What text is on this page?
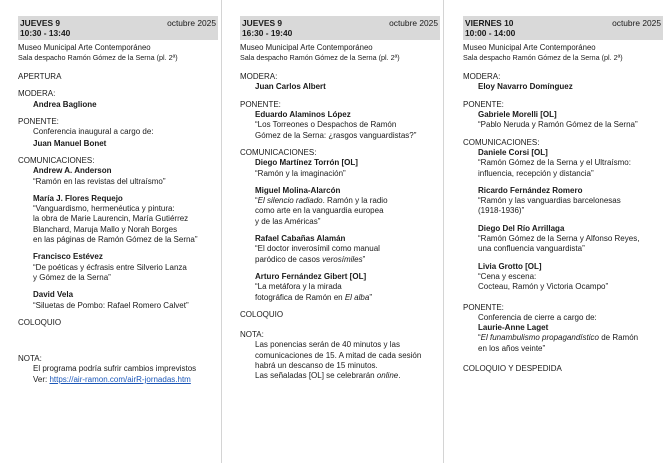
JUEVES 9	octubre 2025
10:30 - 13:40
Museo Municipal Arte Contemporáneo
Sala despacho Ramón Gómez de la Serna (pl. 2ª)
APERTURA
MODERA:
Andrea Baglione
PONENTE:
Conferencia inaugural a cargo de:
Juan Manuel Bonet
COMUNICACIONES:
Andrew A. Anderson
“Ramón en las revistas del ultraísmo”
María J. Flores Requejo
“Vanguardismo, hermenéutica y pintura:
la obra de Marie Laurencin, María Gutiérrez
Blanchard, Maruja Mallo y Norah Borges
en las páginas de Ramón Gómez de la Serna”
Francisco Estévez
“De poéticas y écfrasis entre Silverio Lanza
y Gómez de la Serna”
David Vela
“Siluetas de Pombo: Rafael Romero Calvet”
COLOQUIO
NOTA:
El programa podría sufrir cambios imprevistos
Ver: https://air-ramon.com/airR-jornadas.htm
JUEVES 9	octubre 2025
16:30 - 19:40
Museo Municipal Arte Contemporáneo
Sala despacho Ramón Gómez de la Serna (pl. 2ª)
MODERA:
Juan Carlos Albert
PONENTE:
Eduardo Alaminos López
“Los Torreones o Despachos de Ramón
Gómez de la Serna: ¿rasgos vanguardistas?”
COMUNICACIONES:
Diego Martínez Torrón [OL]
“Ramón y la imaginación”
Miguel Molina-Alarcón
“El silencio radiado. Ramón y la radio
como arte en la vanguardia europea
y de las Américas”
Rafael Cabañas Alamán
“El doctor inverosímil como manual
paródico de casos verosímiles”
Arturo Fernández Gibert [OL]
“La metáfora y la mirada
fotográfica de Ramón en El alba”
COLOQUIO
NOTA:
Las ponencias serán de 40 minutos y las
comunicaciones de 15. A mitad de cada sesión
habrá un descanso de 15 minutos.
Las señaladas [OL] se celebrarán online.
VIERNES 10	octubre 2025
10:00 - 14:00
Museo Municipal Arte Contemporáneo
Sala despacho Ramón Gómez de la Serna (pl. 2ª)
MODERA:
Eloy Navarro Domínguez
PONENTE:
Gabriele Morelli [OL]
“Pablo Neruda y Ramón Gómez de la Serna”
COMUNICACIONES:
Daniele Corsi [OL]
“Ramón Gómez de la Serna y el Ultraísmo:
influencia, recepción y distancia”
Ricardo Fernández Romero
“Ramón y las vanguardias barcelonesas
(1918-1936)”
Diego Del Río Arrillaga
“Ramón Gómez de la Serna y Alfonso Reyes,
una confluencia vanguardista”
Livia Grotto [OL]
“Cena y escena:
Cocteau, Ramón y Victoria Ocampo”
PONENTE:
Conferencia de cierre a cargo de:
Laurie-Anne Laget
“El funambulismo propagandístico de Ramón
en los años veinte”
COLOQUIO Y DESPEDIDA
